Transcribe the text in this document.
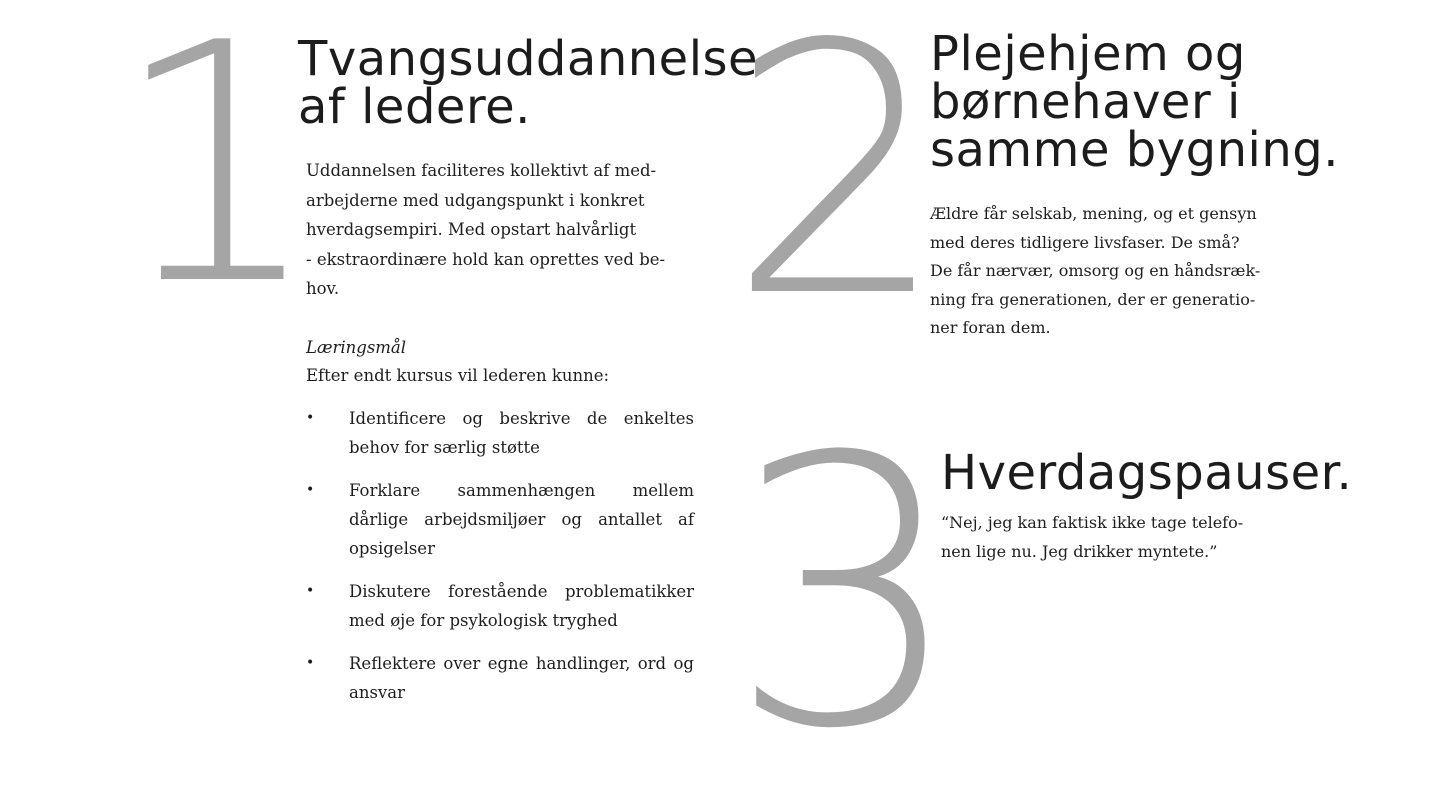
1
Tvangsuddannelse
af ledere.

Uddannelsen faciliteres kollektivt af med-
arbejderne med udgangspunkt i konkret
hverdagsempiri. Med opstart halvårligt
- ekstraordinære hold kan oprettes ved be-
hov.

Læringsmål
Efter endt kursus vil lederen kunne:
• Identificere og beskrive de enkeltes behov for særlig støtte
• Forklare sammenhængen mellem dårlige arbejdsmiljøer og antallet af opsigelser
• Diskutere forestående problematikker med øje for psykologisk tryghed
• Reflektere over egne handlinger, ord og ansvar
2
Plejehjem og
børnehaver i
samme bygning.

Ældre får selskab, mening, og et gensyn
med deres tidligere livsfaser. De små?
De får nærvær, omsorg og en håndsræk-
ning fra generationen, der er generatio-
ner foran dem.

3
Hverdagspauser.

“Nej, jeg kan faktisk ikke tage telefo-
nen lige nu. Jeg drikker myntete.”
